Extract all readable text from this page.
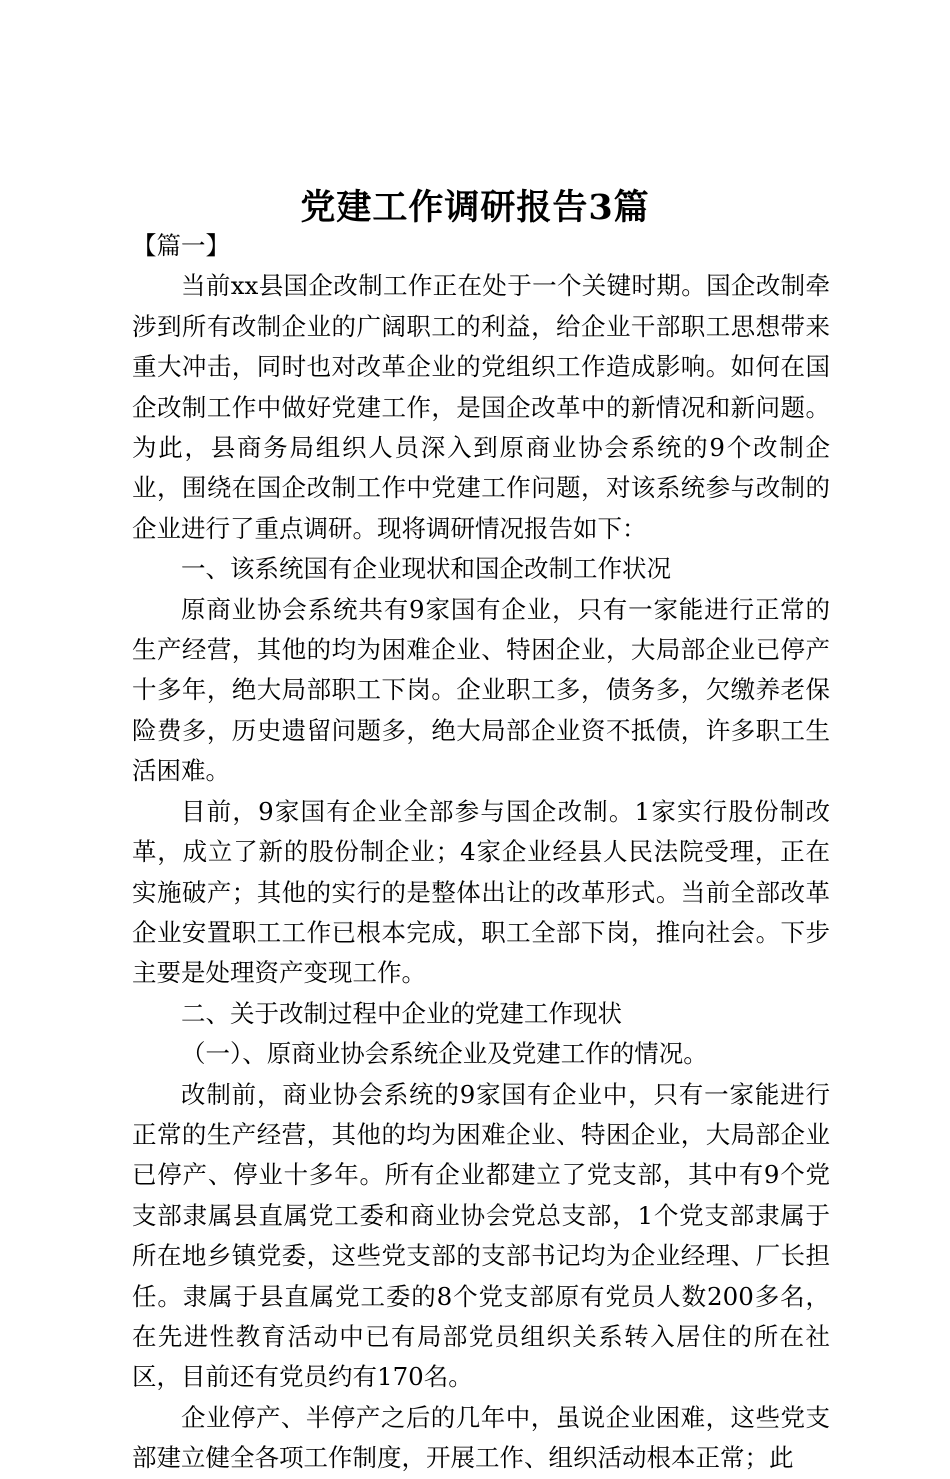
党建工作调研报告3篇

【篇一】

当前xx县国企改制工作正在处于一个关键时期。国企改制牵涉到所有改制企业的广阔职工的利益，给企业干部职工思想带来重大冲击，同时也对改革企业的党组织工作造成影响。如何在国企改制工作中做好党建工作，是国企改革中的新情况和新问题。为此，县商务局组织人员深入到原商业协会系统的9个改制企业，围绕在国企改制工作中党建工作问题，对该系统参与改制的企业进行了重点调研。现将调研情况报告如下：

一、该系统国有企业现状和国企改制工作状况

原商业协会系统共有9家国有企业，只有一家能进行正常的生产经营，其他的均为困难企业、特困企业，大局部企业已停产十多年，绝大局部职工下岗。企业职工多，债务多，欠缴养老保险费多，历史遗留问题多，绝大局部企业资不抵债，许多职工生活困难。

目前，9家国有企业全部参与国企改制。1家实行股份制改革，成立了新的股份制企业；4家企业经县人民法院受理，正在实施破产；其他的实行的是整体出让的改革形式。当前全部改革企业安置职工工作已根本完成，职工全部下岗，推向社会。下步主要是处理资产变现工作。

二、关于改制过程中企业的党建工作现状

（一）、原商业协会系统企业及党建工作的情况。

改制前，商业协会系统的9家国有企业中，只有一家能进行正常的生产经营，其他的均为困难企业、特困企业，大局部企业已停产、停业十多年。所有企业都建立了党支部，其中有9个党支部隶属县直属党工委和商业协会党总支部，1个党支部隶属于所在地乡镇党委，这些党支部的支部书记均为企业经理、厂长担任。隶属于县直属党工委的8个党支部原有党员人数200多名，在先进性教育活动中已有局部党员组织关系转入居住的所在社区，目前还有党员约有170名。

企业停产、半停产之后的几年中，虽说企业困难，这些党支部建立健全各项工作制度，开展工作、组织活动根本正常；此
